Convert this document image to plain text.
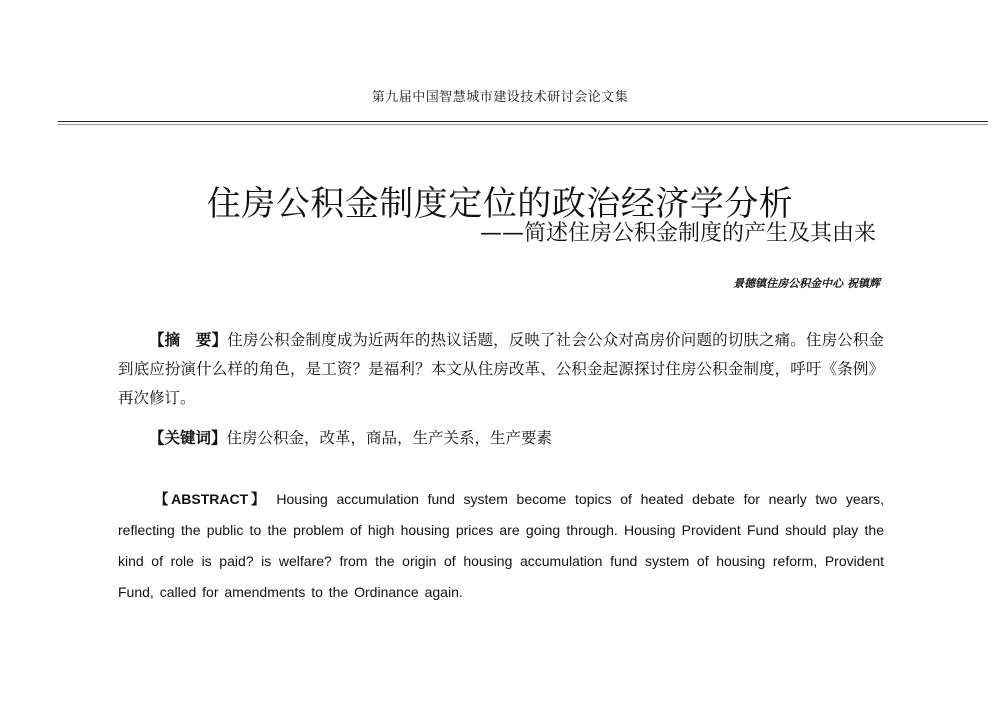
第九届中国智慧城市建设技术研讨会论文集
住房公积金制度定位的政治经济学分析
——简述住房公积金制度的产生及其由来
景德镇住房公积金中心 祝镇辉
【摘　要】住房公积金制度成为近两年的热议话题，反映了社会公众对高房价问题的切肤之痛。住房公积金到底应扮演什么样的角色，是工资？是福利？本文从住房改革、公积金起源探讨住房公积金制度，呼吁《条例》再次修订。
【关键词】住房公积金，改革，商品，生产关系，生产要素
【ABSTRACT】 Housing accumulation fund system become topics of heated debate for nearly two years, reflecting the public to the problem of high housing prices are going through. Housing Provident Fund should play the kind of role is paid? is welfare? from the origin of housing accumulation fund system of housing reform, Provident Fund, called for amendments to the Ordinance again.
